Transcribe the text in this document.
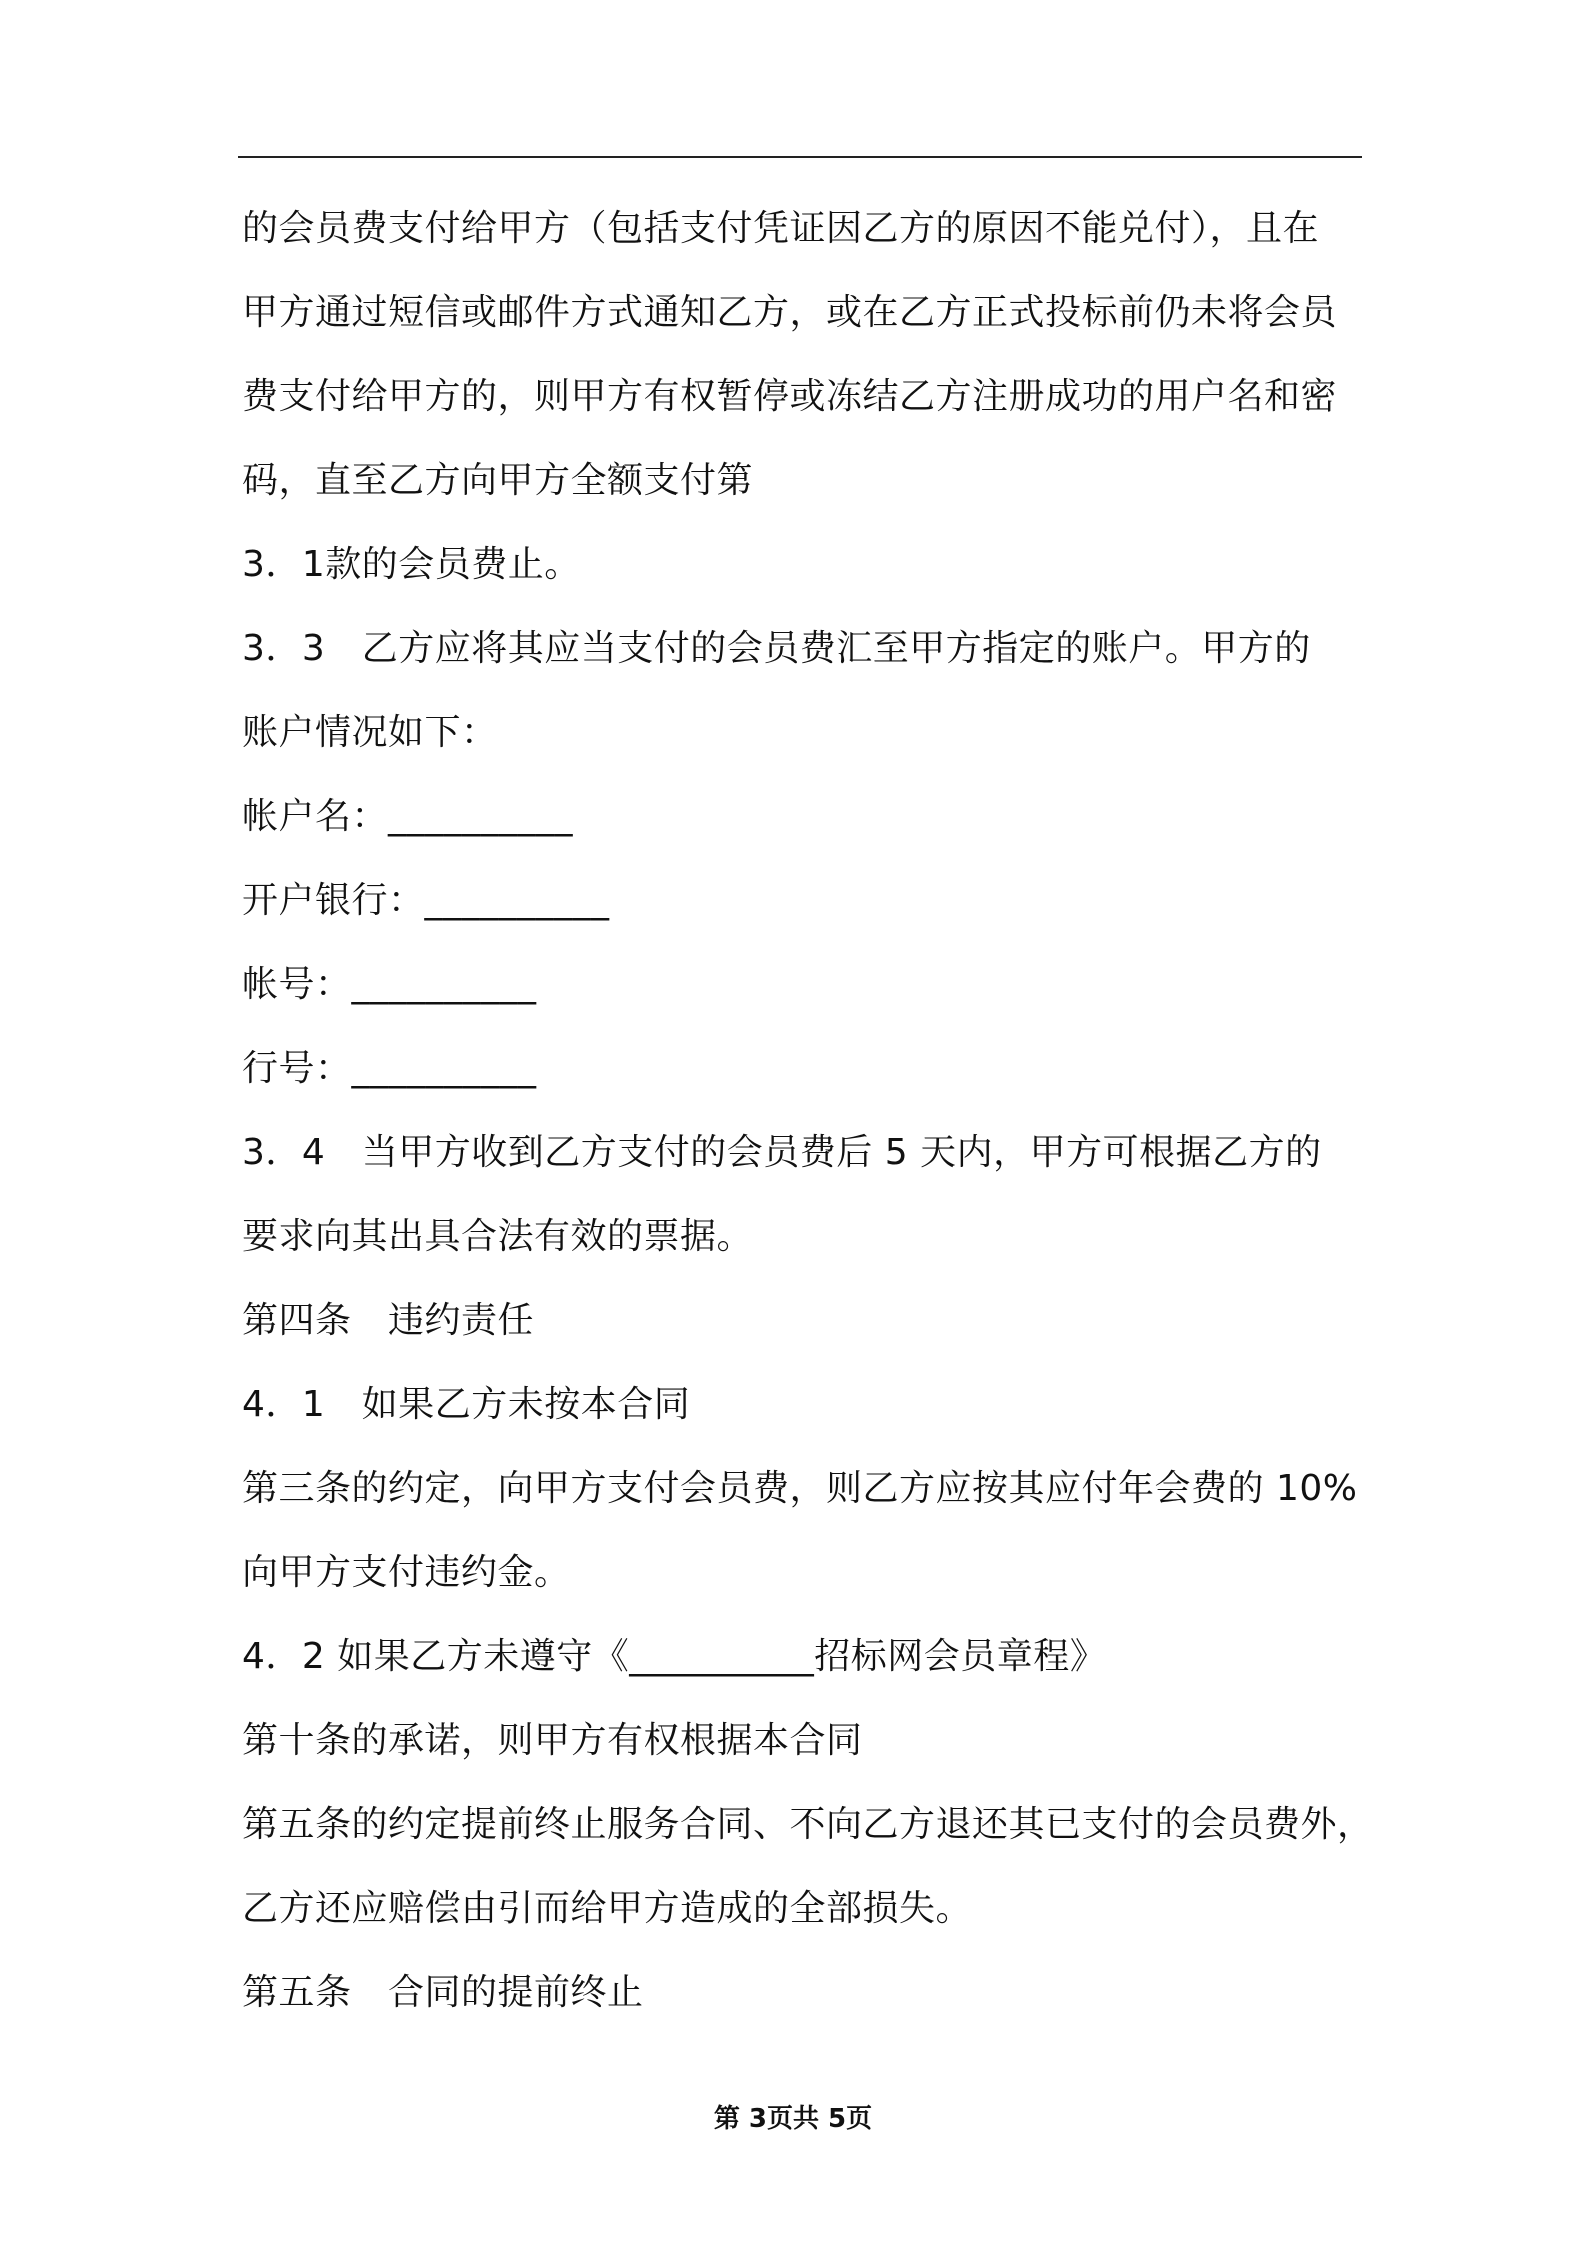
的会员费支付给甲方（包括支付凭证因乙方的原因不能兑付），且在
甲方通过短信或邮件方式通知乙方，或在乙方正式投标前仍未将会员
费支付给甲方的，则甲方有权暂停或冻结乙方注册成功的用户名和密
码，直至乙方向甲方全额支付第
3．1款的会员费止。
3．3　乙方应将其应当支付的会员费汇至甲方指定的账户。甲方的
账户情况如下：
帐户名：__________
开户银行：__________
帐号：__________
行号：__________
3．4　当甲方收到乙方支付的会员费后 5 天内，甲方可根据乙方的
要求向其出具合法有效的票据。
第四条　违约责任
4．1　如果乙方未按本合同
第三条的约定，向甲方支付会员费，则乙方应按其应付年会费的 10%
向甲方支付违约金。
4．2 如果乙方未遵守《__________招标网会员章程》
第十条的承诺，则甲方有权根据本合同
第五条的约定提前终止服务合同、不向乙方退还其已支付的会员费外，
乙方还应赔偿由引而给甲方造成的全部损失。
第五条　合同的提前终止
第 3页共 5页
